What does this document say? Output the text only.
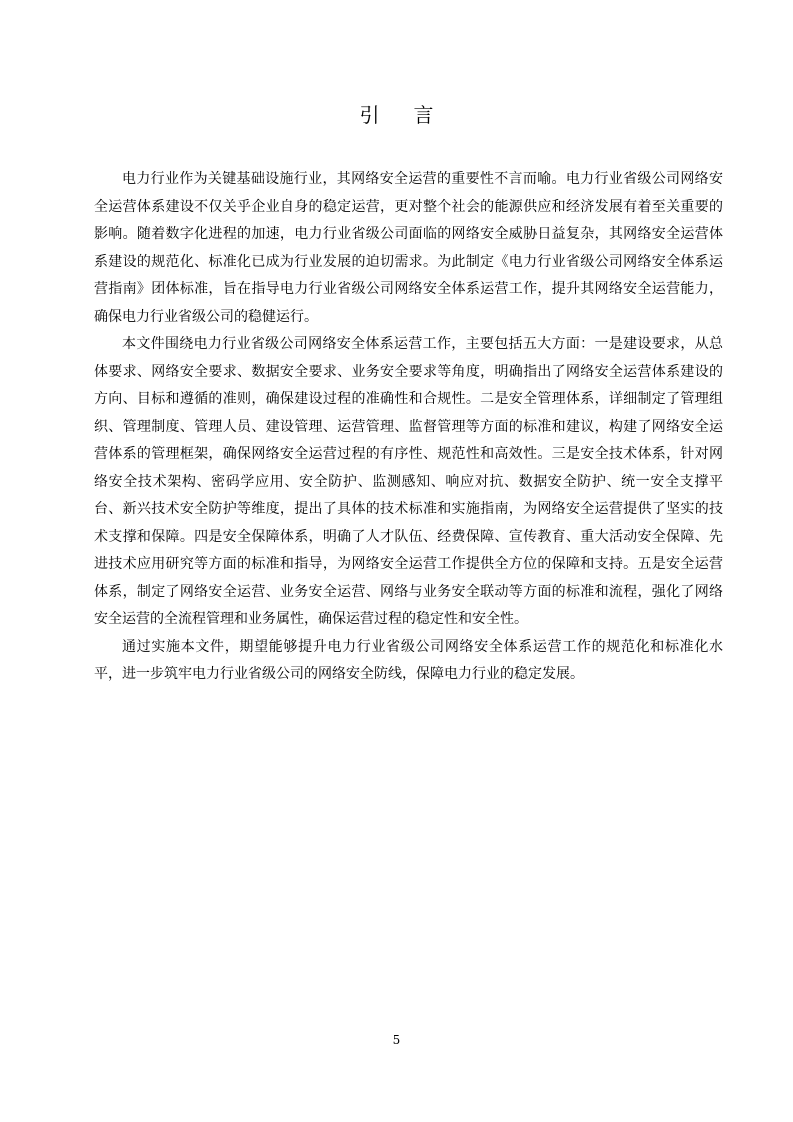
引言

电力行业作为关键基础设施行业，其网络安全运营的重要性不言而喻。电力行业省级公司网络安全运营体系建设不仅关乎企业自身的稳定运营，更对整个社会的能源供应和经济发展有着至关重要的影响。随着数字化进程的加速，电力行业省级公司面临的网络安全威胁日益复杂，其网络安全运营体系建设的规范化、标准化已成为行业发展的迫切需求。为此制定《电力行业省级公司网络安全体系运营指南》团体标准，旨在指导电力行业省级公司网络安全体系运营工作，提升其网络安全运营能力，确保电力行业省级公司的稳健运行。

本文件围绕电力行业省级公司网络安全体系运营工作，主要包括五大方面：一是建设要求，从总体要求、网络安全要求、数据安全要求、业务安全要求等角度，明确指出了网络安全运营体系建设的方向、目标和遵循的准则，确保建设过程的准确性和合规性。二是安全管理体系，详细制定了管理组织、管理制度、管理人员、建设管理、运营管理、监督管理等方面的标准和建议，构建了网络安全运营体系的管理框架，确保网络安全运营过程的有序性、规范性和高效性。三是安全技术体系，针对网络安全技术架构、密码学应用、安全防护、监测感知、响应对抗、数据安全防护、统一安全支撑平台、新兴技术安全防护等维度，提出了具体的技术标准和实施指南，为网络安全运营提供了坚实的技术支撑和保障。四是安全保障体系，明确了人才队伍、经费保障、宣传教育、重大活动安全保障、先进技术应用研究等方面的标准和指导，为网络安全运营工作提供全方位的保障和支持。五是安全运营体系，制定了网络安全运营、业务安全运营、网络与业务安全联动等方面的标准和流程，强化了网络安全运营的全流程管理和业务属性，确保运营过程的稳定性和安全性。

通过实施本文件，期望能够提升电力行业省级公司网络安全体系运营工作的规范化和标准化水平，进一步筑牢电力行业省级公司的网络安全防线，保障电力行业的稳定发展。

5
